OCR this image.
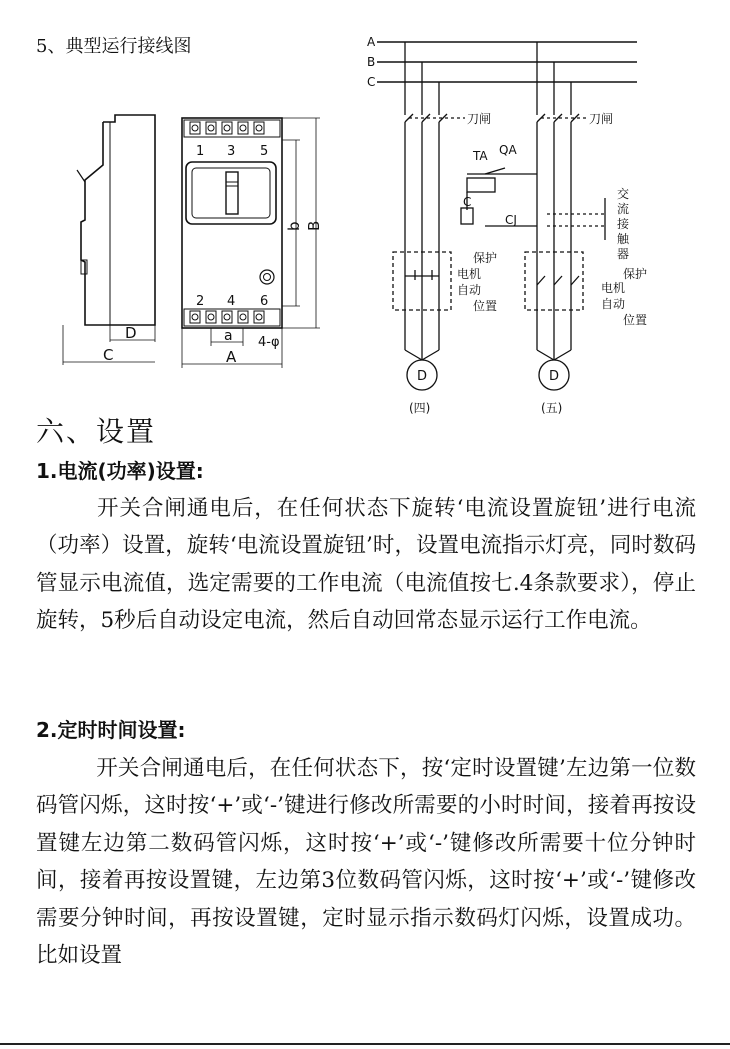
5、典型运行接线图
D
C
1 3 5
2 4 6
b B
a
A
4-φ
A
B
C
刀闸
D
电机
自动
保护
位置
(四)
刀闸
TA QA
C
CJ
交
流
接
触
器
电机
自动
保护
位置
D
(五)
六、设置
1.电流(功率)设置:
开关合闸通电后，在任何状态下旋转‘电流设置旋钮’进行电流（功率）设置，旋转‘电流设置旋钮’时，设置电流指示灯亮，同时数码管显示电流值，选定需要的工作电流（电流值按七.4条款要求），停止旋转，5秒后自动设定电流，然后自动回常态显示运行工作电流。
2.定时时间设置:
开关合闸通电后，在任何状态下，按‘定时设置键’左边第一位数码管闪烁，这时按‘+’或‘-’键进行修改所需要的小时时间，接着再按设置键左边第二数码管闪烁，这时按‘+’或‘-’键修改所需要十位分钟时间，接着再按设置键，左边第3位数码管闪烁，这时按‘+’或‘-’键修改需要分钟时间，再按设置键，定时显示指示数码灯闪烁，设置成功。比如设置
